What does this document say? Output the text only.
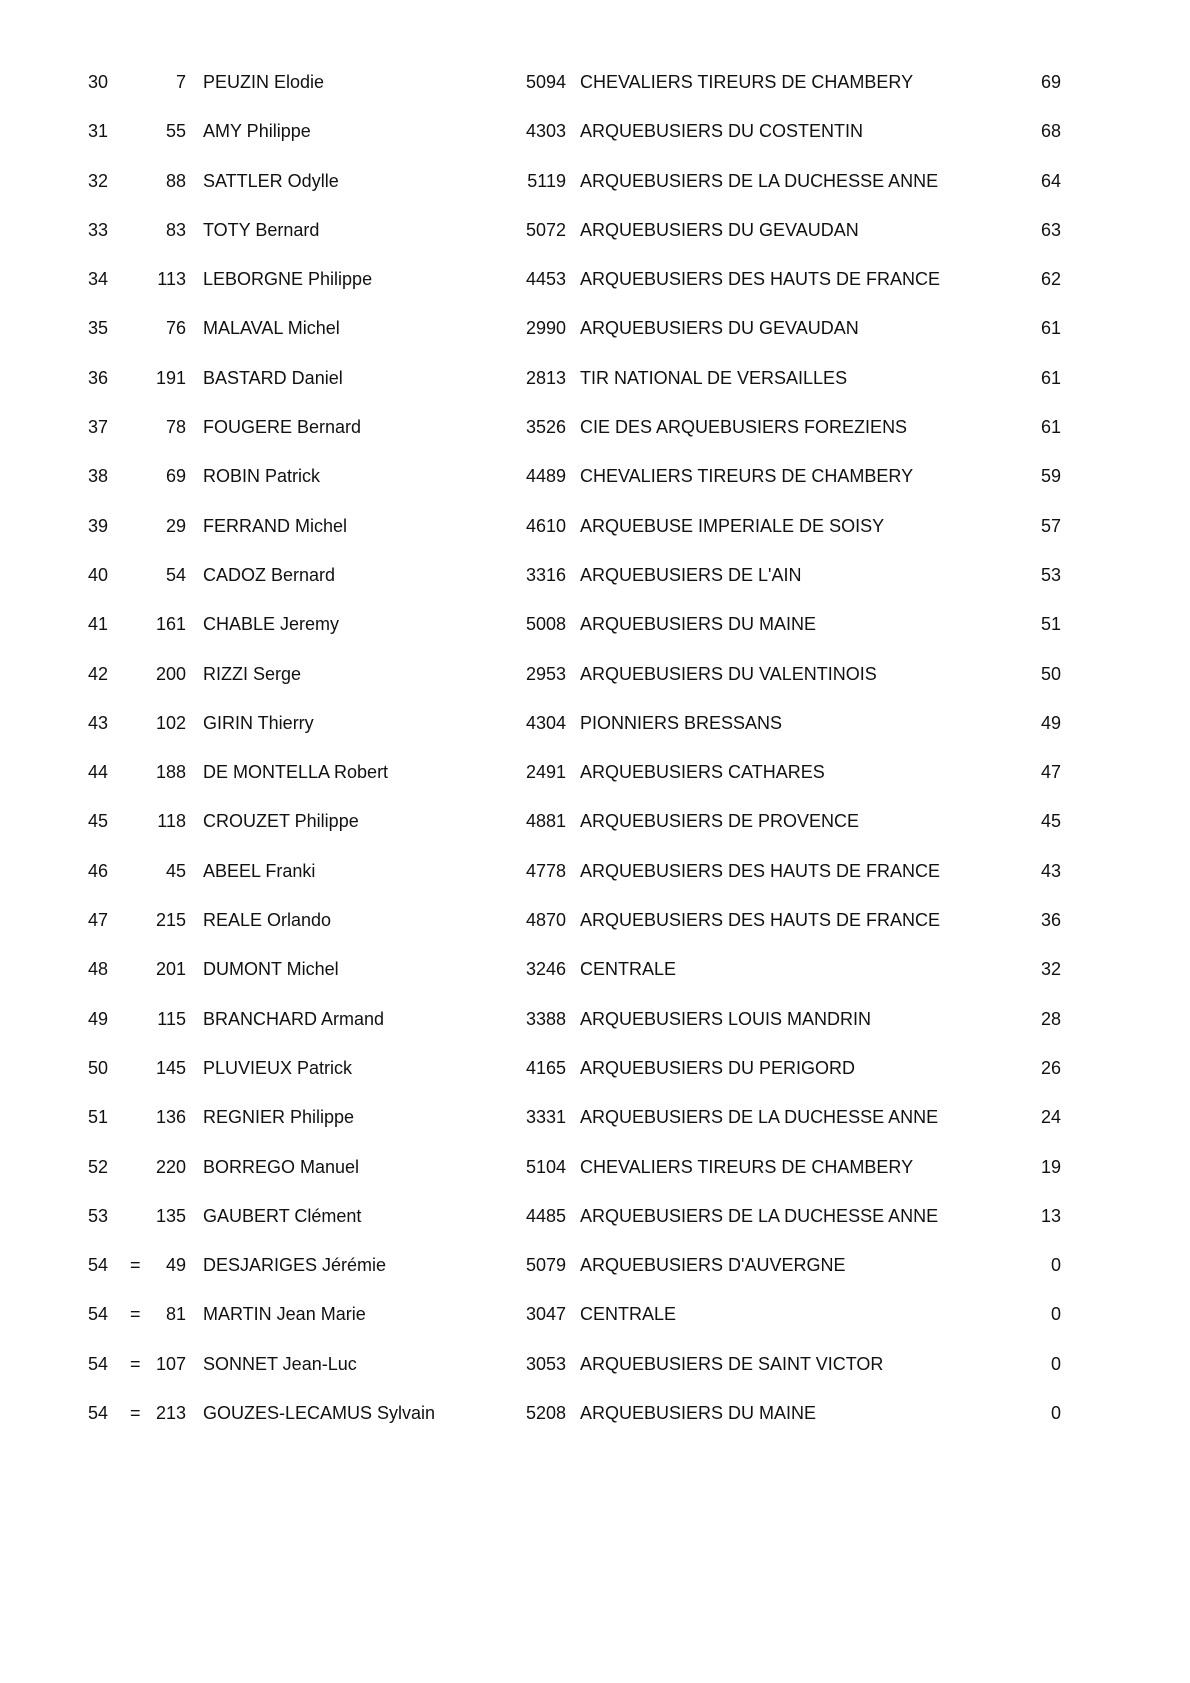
30	7 PEUZIN Elodie	5094 CHEVALIERS TIREURS DE CHAMBERY	69
31	55 AMY Philippe	4303 ARQUEBUSIERS DU COSTENTIN	68
32	88 SATTLER Odylle	5119 ARQUEBUSIERS DE LA DUCHESSE ANNE	64
33	83 TOTY Bernard	5072 ARQUEBUSIERS DU GEVAUDAN	63
34	113 LEBORGNE Philippe	4453 ARQUEBUSIERS DES HAUTS DE FRANCE	62
35	76 MALAVAL Michel	2990 ARQUEBUSIERS DU GEVAUDAN	61
36	191 BASTARD Daniel	2813 TIR NATIONAL DE VERSAILLES	61
37	78 FOUGERE Bernard	3526 CIE DES ARQUEBUSIERS FOREZIENS	61
38	69 ROBIN Patrick	4489 CHEVALIERS TIREURS DE CHAMBERY	59
39	29 FERRAND Michel	4610 ARQUEBUSE IMPERIALE DE SOISY	57
40	54 CADOZ Bernard	3316 ARQUEBUSIERS DE L'AIN	53
41	161 CHABLE Jeremy	5008 ARQUEBUSIERS DU MAINE	51
42	200 RIZZI Serge	2953 ARQUEBUSIERS DU VALENTINOIS	50
43	102 GIRIN Thierry	4304 PIONNIERS BRESSANS	49
44	188 DE MONTELLA Robert	2491 ARQUEBUSIERS CATHARES	47
45	118 CROUZET Philippe	4881 ARQUEBUSIERS DE PROVENCE	45
46	45 ABEEL Franki	4778 ARQUEBUSIERS DES HAUTS DE FRANCE	43
47	215 REALE Orlando	4870 ARQUEBUSIERS DES HAUTS DE FRANCE	36
48	201 DUMONT Michel	3246 CENTRALE	32
49	115 BRANCHARD Armand	3388 ARQUEBUSIERS LOUIS MANDRIN	28
50	145 PLUVIEUX Patrick	4165 ARQUEBUSIERS DU PERIGORD	26
51	136 REGNIER Philippe	3331 ARQUEBUSIERS DE LA DUCHESSE ANNE	24
52	220 BORREGO Manuel	5104 CHEVALIERS TIREURS DE CHAMBERY	19
53	135 GAUBERT Clément	4485 ARQUEBUSIERS DE LA DUCHESSE ANNE	13
54 =	49 DESJARIGES Jérémie	5079 ARQUEBUSIERS D'AUVERGNE	0
54 =	81 MARTIN Jean Marie	3047 CENTRALE	0
54 = 107 SONNET Jean-Luc	3053 ARQUEBUSIERS DE SAINT VICTOR	0
54 = 213 GOUZES-LECAMUS Sylvain	5208 ARQUEBUSIERS DU MAINE	0
